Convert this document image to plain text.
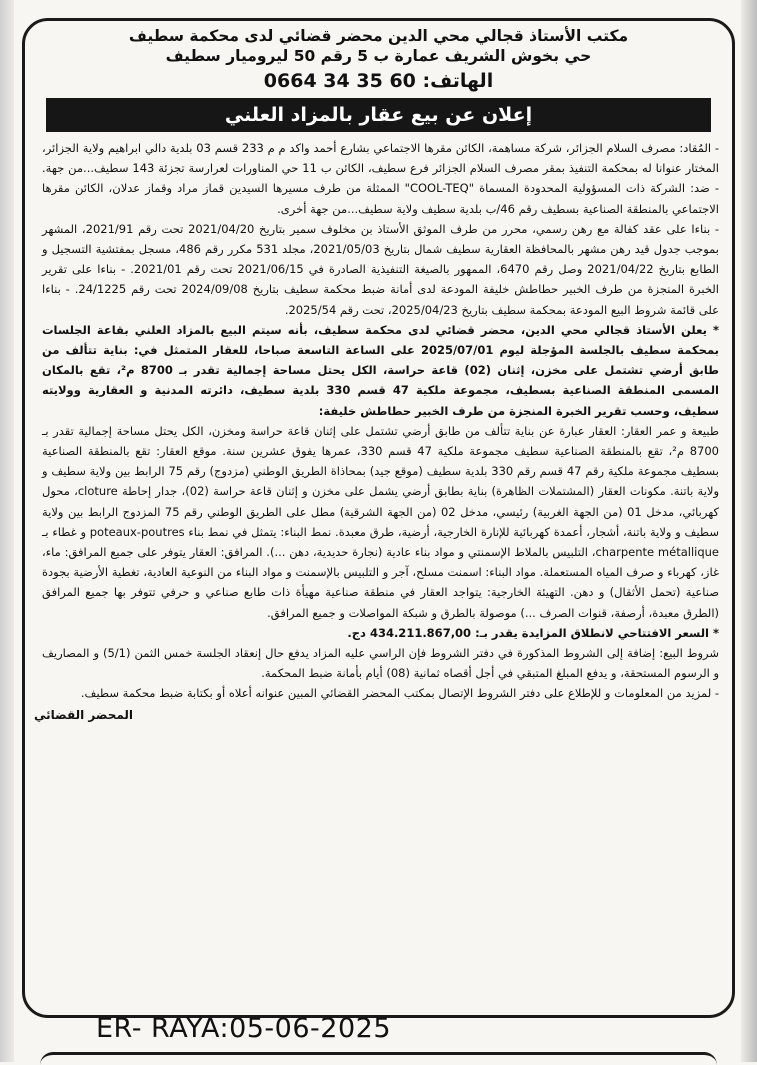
مكتب الأستاذ قجالي محي الدين محضر قضائي لدى محكمة سطيف
حي بخوش الشريف عمارة ب 5 رقم 50 ليروميار سطيف
الهاتف: 60 35 34 0664
إعلان عن بيع عقار بالمزاد العلني

- المُقاد: مصرف السلام الجزائر، شركة مساهمة، الكائن مقرها الاجتماعي بشارع أحمد واكد م م 233 قسم 03 بلدية دالي ابراهيم ولاية الجزائر، المختار عنوانا له بمحكمة التنفيذ بمقر مصرف السلام الجزائر فرع سطيف، الكائن ب 11 حي المناورات لعرارسة تجزئة 143 سطيف...من جهة. - ضد: الشركة ذات المسؤولية المحدودة المسماة "COOL-TEQ" الممثلة من طرف مسيرها السيدين قماز مراد وقماز عدلان، الكائن مقرها الاجتماعي بالمنطقة الصناعية بسطيف رقم 46/ب بلدية سطيف ولاية سطيف...من جهة أخرى.

- بناءا على عقد كفالة مع رهن رسمي، محرر من طرف الموثق الأستاذ بن مخلوف سمير بتاريخ 2021/04/20 تحت رقم 2021/91، المشهر بموجب جدول قيد رهن مشهر بالمحافظة العقارية سطيف شمال بتاريخ 2021/05/03، مجلد 531 مكرر رقم 486، مسجل بمفتشية التسجيل و الطابع بتاريخ 2021/04/22 وصل رقم 6470، الممهور بالصيغة التنفيذية الصادرة في 2021/06/15 تحت رقم 2021/01. - بناءا على تقرير الخبرة المنجزة من طرف الخبير حطاطش خليفة المودعة لدى أمانة ضبط محكمة سطيف بتاريخ 2024/09/08 تحت رقم 24/1225. - بناءا على قائمة شروط البيع المودعة بمحكمة سطيف بتاريخ 2025/04/23، تحت رقم 2025/54.

* يعلن الأستاذ قجالي محي الدين، محضر قضائي لدى محكمة سطيف، بأنه سيتم البيع بالمزاد العلني بقاعة الجلسات بمحكمة سطيف بالجلسة المؤجلة ليوم 2025/07/01 على الساعة التاسعة صباحا، للعقار المتمثل في: بناية تتألف من طابق أرضي تشتمل على مخزن، إثنان (02) قاعة حراسة، الكل يحتل مساحة إجمالية تقدر بـ 8700 م²، تقع بالمكان المسمى المنطقة الصناعية بسطيف، مجموعة ملكية 47 قسم 330 بلدية سطيف، دائرته المدنية و العقارية وولايته سطيف، وحسب تقرير الخبرة المنجزة من طرف الخبير حطاطش خليفة:

طبيعة و عمر العقار: العقار عبارة عن بناية تتألف من طابق أرضي تشتمل على إثنان قاعة حراسة ومخزن، الكل يحتل مساحة إجمالية تقدر بـ 8700 م²، تقع بالمنطقة الصناعية سطيف مجموعة ملكية 47 قسم 330، عمرها يفوق عشرين سنة. موقع العقار: تقع بالمنطقة الصناعية بسطيف مجموعة ملكية رقم 47 قسم رقم 330 بلدية سطيف (موقع جيد) بمحاذاة الطريق الوطني (مزدوج) رقم 75 الرابط بين ولاية سطيف و ولاية باتنة. مكونات العقار (المشتملات الظاهرة) بناية بطابق أرضي يشمل على مخزن و إثنان قاعة حراسة (02)، جدار إحاطة cloture، محول كهربائي، مدخل 01 (من الجهة الغربية) رئيسي، مدخل 02 (من الجهة الشرقية) مطل على الطريق الوطني رقم 75 المزدوج الرابط بين ولاية سطيف و ولاية باتنة، أشجار، أعمدة كهربائية للإنارة الخارجية، أرضية، طرق معبدة. نمط البناء: يتمثل في نمط بناء poteaux-poutres و غطاء بـ charpente métallique، التلبيس بالملاط الإسمنتي و مواد بناء عادية (نجارة حديدية، دهن ...). المرافق: العقار يتوفر على جميع المرافق: ماء، غاز، كهرباء و صرف المياه المستعملة. مواد البناء: اسمنت مسلح، آجر و التلبيس بالإسمنت و مواد البناء من النوعية العادية، تغطية الأرضية بجودة صناعية (تحمل الأثقال) و دهن. التهيئة الخارجية: يتواجد العقار في منطقة صناعية مهيأة ذات طابع صناعي و حرفي تتوفر بها جميع المرافق (الطرق معبدة، أرصفة، قنوات الصرف ...) موصولة بالطرق و شبكة المواصلات و جميع المرافق.

* السعر الافتتاحي لانطلاق المزايدة يقدر بـ: 434.211.867,00 دج.

شروط البيع: إضافة إلى الشروط المذكورة في دفتر الشروط فإن الراسي عليه المزاد يدفع حال إنعقاد الجلسة خمس الثمن (5/1) و المصاريف و الرسوم المستحقة، و يدفع المبلغ المتبقي في أجل أقصاه ثمانية (08) أيام بأمانة ضبط المحكمة.

- لمزيد من المعلومات و للإطلاع على دفتر الشروط الإتصال بمكتب المحضر القضائي المبين عنوانه أعلاه أو بكتابة ضبط محكمة سطيف.

المحضر القضائي
ER- RAYA:05-06-2025
